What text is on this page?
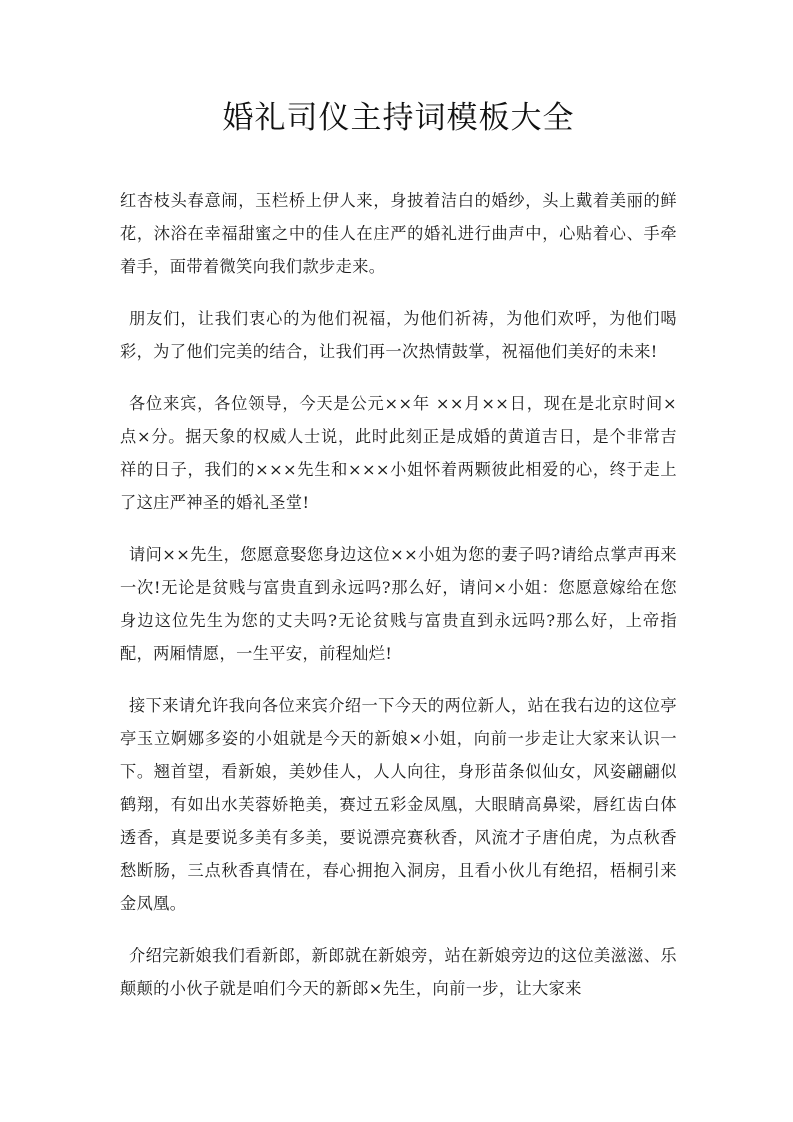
婚礼司仪主持词模板大全

红杏枝头春意闹，玉栏桥上伊人来，身披着洁白的婚纱，头上戴着美丽的鲜花，沐浴在幸福甜蜜之中的佳人在庄严的婚礼进行曲声中，心贴着心、手牵着手，面带着微笑向我们款步走来。

朋友们，让我们衷心的为他们祝福，为他们祈祷，为他们欢呼，为他们喝彩，为了他们完美的结合，让我们再一次热情鼓掌，祝福他们美好的未来!

各位来宾，各位领导，今天是公元××年 ××月××日，现在是北京时间×点×分。据天象的权威人士说，此时此刻正是成婚的黄道吉日，是个非常吉祥的日子，我们的×××先生和×××小姐怀着两颗彼此相爱的心，终于走上了这庄严神圣的婚礼圣堂!

请问××先生，您愿意娶您身边这位××小姐为您的妻子吗?请给点掌声再来一次!无论是贫贱与富贵直到永远吗?那么好，请问×小姐：您愿意嫁给在您身边这位先生为您的丈夫吗?无论贫贱与富贵直到永远吗?那么好，上帝指配，两厢情愿，一生平安，前程灿烂!

接下来请允许我向各位来宾介绍一下今天的两位新人，站在我右边的这位亭亭玉立婀娜多姿的小姐就是今天的新娘×小姐，向前一步走让大家来认识一下。翘首望，看新娘，美妙佳人，人人向往，身形苗条似仙女，风姿翩翩似鹤翔，有如出水芙蓉娇艳美，赛过五彩金凤凰，大眼睛高鼻梁，唇红齿白体透香，真是要说多美有多美，要说漂亮赛秋香，风流才子唐伯虎，为点秋香愁断肠，三点秋香真情在，春心拥抱入洞房，且看小伙儿有绝招，梧桐引来金凤凰。

介绍完新娘我们看新郎，新郎就在新娘旁，站在新娘旁边的这位美滋滋、乐颠颠的小伙子就是咱们今天的新郎×先生，向前一步，让大家来
